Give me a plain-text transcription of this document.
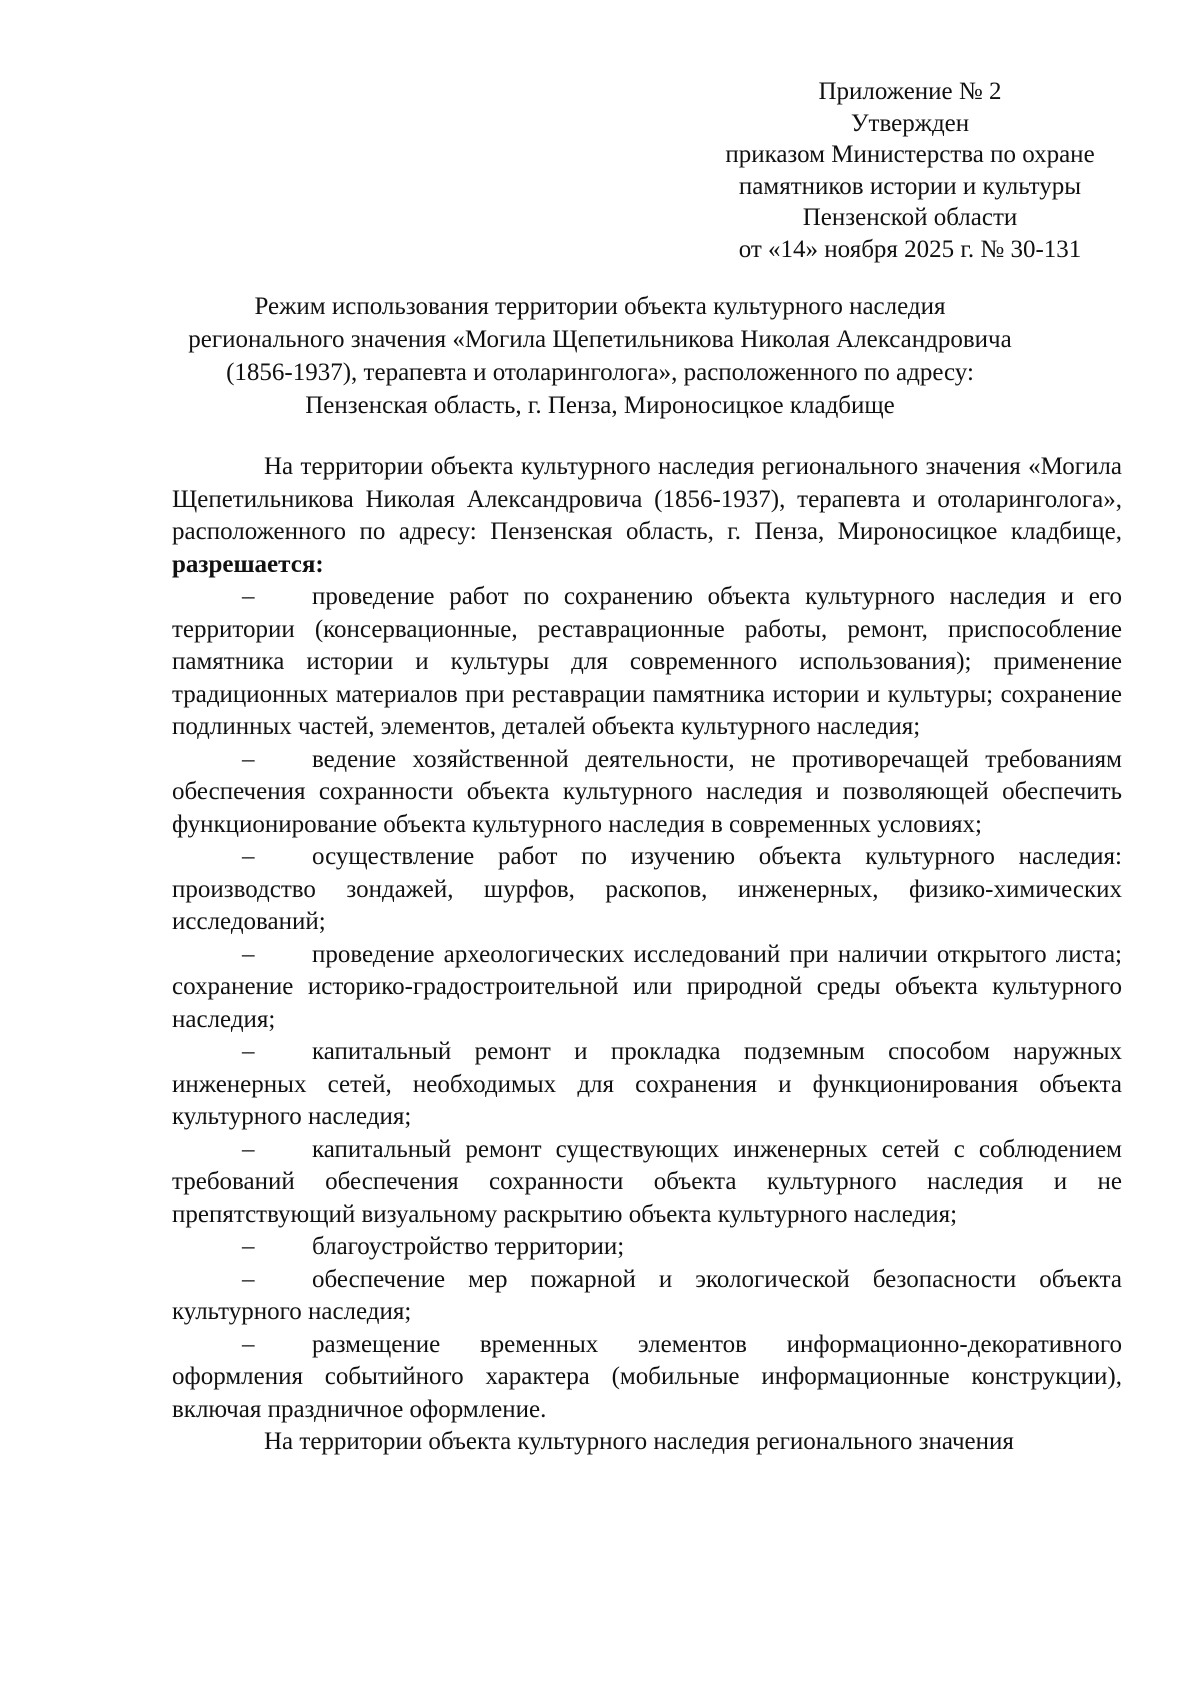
Приложение № 2
Утвержден
приказом Министерства по охране
памятников истории и культуры
Пензенской области
от «14» ноября 2025 г. № 30-131
Режим использования территории объекта культурного наследия
регионального значения «Могила Щепетильникова Николая Александровича
(1856-1937), терапевта и отоларинголога», расположенного по адресу:
Пензенская область, г. Пенза, Мироносицкое кладбище

На территории объекта культурного наследия регионального значения «Могила Щепетильникова Николая Александровича (1856-1937), терапевта и отоларинголога», расположенного по адресу: Пензенская область, г. Пенза, Мироносицкое кладбище, разрешается:

– проведение работ по сохранению объекта культурного наследия и его территории (консервационные, реставрационные работы, ремонт, приспособление памятника истории и культуры для современного использования); применение традиционных материалов при реставрации памятника истории и культуры; сохранение подлинных частей, элементов, деталей объекта культурного наследия;

– ведение хозяйственной деятельности, не противоречащей требованиям обеспечения сохранности объекта культурного наследия и позволяющей обеспечить функционирование объекта культурного наследия в современных условиях;

– осуществление работ по изучению объекта культурного наследия: производство зондажей, шурфов, раскопов, инженерных, физико-химических исследований;

– проведение археологических исследований при наличии открытого листа; сохранение историко-градостроительной или природной среды объекта культурного наследия;

– капитальный ремонт и прокладка подземным способом наружных инженерных сетей, необходимых для сохранения и функционирования объекта культурного наследия;

– капитальный ремонт существующих инженерных сетей с соблюдением требований обеспечения сохранности объекта культурного наследия и не препятствующий визуальному раскрытию объекта культурного наследия;

– благоустройство территории;

– обеспечение мер пожарной и экологической безопасности объекта культурного наследия;

– размещение временных элементов информационно-декоративного оформления событийного характера (мобильные информационные конструкции), включая праздничное оформление.

На территории объекта культурного наследия регионального значения
